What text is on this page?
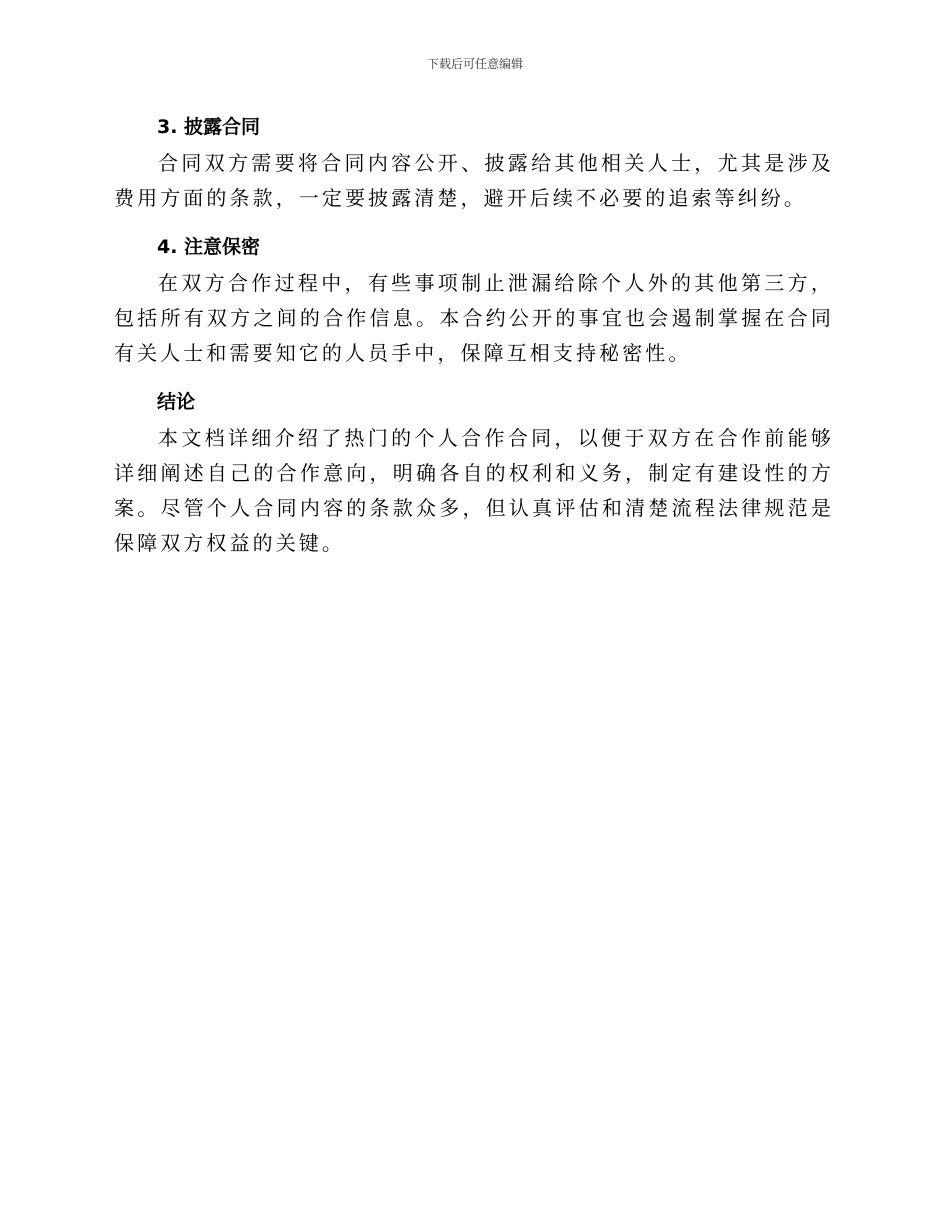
下载后可任意编辑
3. 披露合同

合同双方需要将合同内容公开、披露给其他相关人士，尤其是涉及费用方面的条款，一定要披露清楚，避开后续不必要的追索等纠纷。

4. 注意保密

在双方合作过程中，有些事项制止泄漏给除个人外的其他第三方，包括所有双方之间的合作信息。本合约公开的事宜也会遏制掌握在合同有关人士和需要知它的人员手中，保障互相支持秘密性。

结论

本文档详细介绍了热门的个人合作合同，以便于双方在合作前能够详细阐述自己的合作意向，明确各自的权利和义务，制定有建设性的方案。尽管个人合同内容的条款众多，但认真评估和清楚流程法律规范是保障双方权益的关键。
